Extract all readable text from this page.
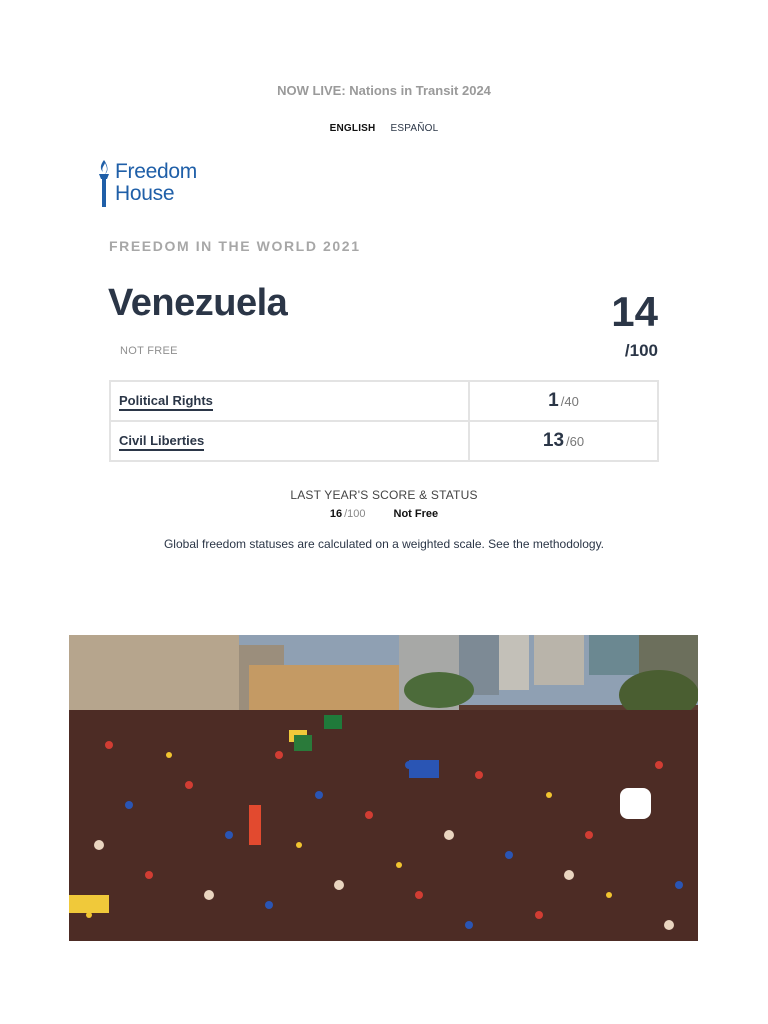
NOW LIVE: Nations in Transit 2024
ENGLISH ESPAÑOL
Freedom
House
FREEDOM IN THE WORLD 2021
Venezuela
NOT FREE
14
/100
Political Rights	1 /40
Civil Liberties	13 /60
LAST YEAR'S SCORE & STATUS
16 /100	Not Free
Global freedom statuses are calculated on a weighted scale. See the methodology.
